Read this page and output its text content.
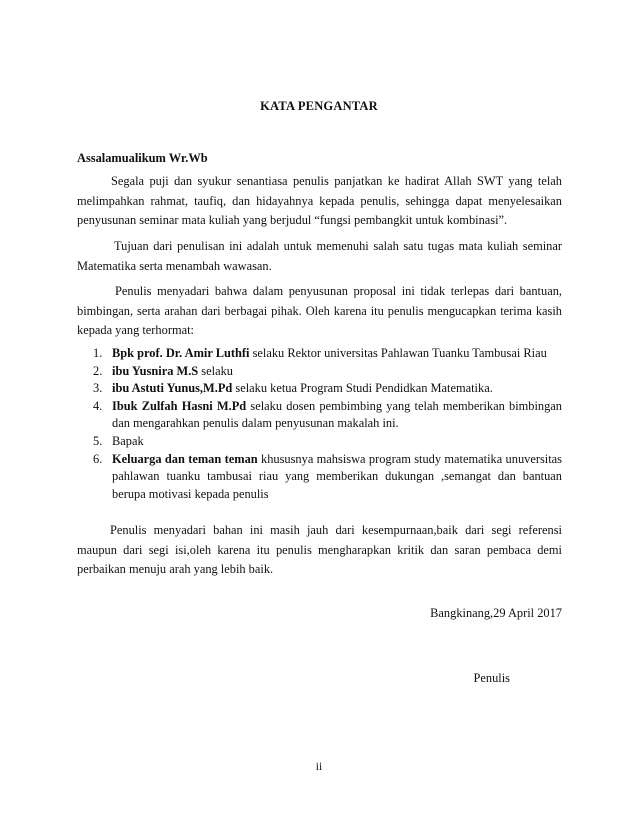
KATA PENGANTAR
Assalamualikum Wr.Wb

Segala puji dan syukur senantiasa penulis panjatkan ke hadirat Allah SWT yang telah melimpahkan rahmat, taufiq, dan hidayahnya kepada penulis, sehingga dapat menyelesaikan penyusunan seminar mata kuliah yang berjudul “fungsi pembangkit untuk kombinasi”.

Tujuan dari penulisan ini adalah untuk memenuhi salah satu tugas mata kuliah seminar Matematika serta menambah wawasan.

Penulis menyadari bahwa dalam penyusunan proposal ini tidak terlepas dari bantuan, bimbingan, serta arahan dari berbagai pihak. Oleh karena itu penulis mengucapkan terima kasih kepada yang terhormat:

1. Bpk prof. Dr. Amir Luthfi selaku Rektor universitas Pahlawan Tuanku Tambusai Riau
2. ibu Yusnira M.S selaku
3. ibu Astuti Yunus,M.Pd selaku ketua Program Studi Pendidkan Matematika.
4. Ibuk Zulfah Hasni M.Pd selaku dosen pembimbing yang telah memberikan bimbingan dan mengarahkan penulis dalam penyusunan makalah ini.
5. Bapak
6. Keluarga dan teman teman khususnya mahsiswa program study matematika unuversitas pahlawan tuanku tambusai riau yang memberikan dukungan ,semangat dan bantuan berupa motivasi kepada penulis

Penulis menyadari bahan ini masih jauh dari kesempurnaan,baik dari segi referensi maupun dari segi isi,oleh karena itu penulis mengharapkan kritik dan saran pembaca demi perbaikan menuju arah yang lebih baik.

Bangkinang,29 April 2017
Penulis
ii
